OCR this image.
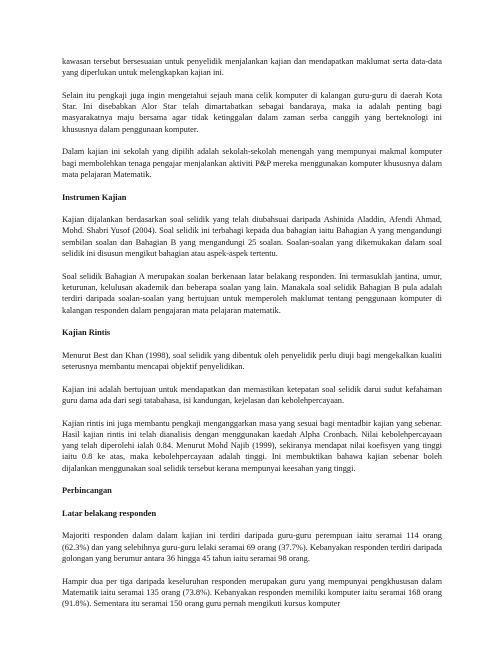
kawasan tersebut bersesuaian untuk penyelidik menjalankan kajian dan mendapatkan maklumat serta data-data yang diperlukan untuk melengkapkan kajian ini.

Selain itu pengkaji juga ingin mengetahui sejauh mana celik komputer di kalangan guru-guru di daerah Kota Star. Ini disebabkan Alor Star telah dimartabatkan sebagai bandaraya, maka ia adalah penting bagi masyarakatnya maju bersama agar tidak ketinggalan dalam zaman serba canggih yang berteknologi ini khususnya dalam penggunaan komputer.

Dalam kajian ini sekolah yang dipilih adalah sekolah-sekolah menengah yang mempunyai makmal komputer bagi membolehkan tenaga pengajar menjalankan aktiviti P&P mereka menggunakan komputer khususnya dalam mata pelajaran Matematik.

Instrumen Kajian

Kajian dijalankan berdasarkan soal selidik yang telah diubahsuai daripada Ashinida Aladdin, Afendi Ahmad, Mohd. Shabri Yusof (2004). Soal selidik ini terbahagi kepada dua bahagian iaitu Bahagian A yang mengandungi sembilan soalan dan Bahagian B yang mengandungi 25 soalan. Soalan-soalan yang dikemukakan dalam soal selidik ini disusun mengikut bahagian atau aspek-aspek tertentu.

Soal selidik Bahagian A merupakan soalan berkenaan latar belakang responden. Ini termasuklah jantina, umur, keturunan, kelulusan akademik dan beberapa soalan yang lain. Manakala soal selidik Bahagian B pula adalah terdiri daripada soalan-soalan yang bertujuan untuk memperoleh maklumat tentang penggunaan komputer di kalangan responden dalam pengajaran mata pelajaran matematik.

Kajian Rintis

Menurut Best dan Khan (1998), soal selidik yang dibentuk oleh penyelidik perlu diuji bagi mengekalkan kualiti seterusnya membantu mencapai objektif penyelidikan.

Kajian ini adalah bertujuan untuk mendapatkan dan memastikan ketepatan soal selidik darui sudut kefahaman guru dama ada dari segi tatabahasa, isi kandungan, kejelasan dan kebolehpercayaan.

Kajian rintis ini juga membantu pengkaji menganggarkan masa yang sesuai bagi mentadbir kajian yang sebenar. Hasil kajian rintis ini telah dianalisis dengan menggunakan kaedah Alpha Cronbach. Nilai kebolehpercayaan yang telah diperolehi ialah 0.84. Menurut Mohd Najib (1999), sekiranya mendapat nilai koefisyen yang tinggi iaitu 0.8 ke atas, maka kebolehpercayaan adalah tinggi. Ini membuktikan bahawa kajian sebenar boleh dijalankan menggunakan soal selidik tersebut kerana mempunyai keesahan yang tinggi.

Perbincangan

Latar belakang responden

Majoriti responden dalam dalam kajian ini terdiri daripada guru-guru perempuan iaitu seramai 114 orang (62.3%) dan yang selebihnya guru-guru lelaki seramai 69 orang (37.7%). Kebanyakan responden terdiri daripada golongan yang berumur antara 36 hingga 45 tahun iaitu seramai 98 orang.

Hampir dua per tiga daripada keseluruhan responden merupakan guru yang mempunyai pengkhususan dalam Matematik iaitu seramai 135 orang (73.8%). Kebanyakan responden memiliki komputer iaitu seramai 168 orang (91.8%). Sementara itu seramai 150 orang guru pernah mengikuti kursus komputer
